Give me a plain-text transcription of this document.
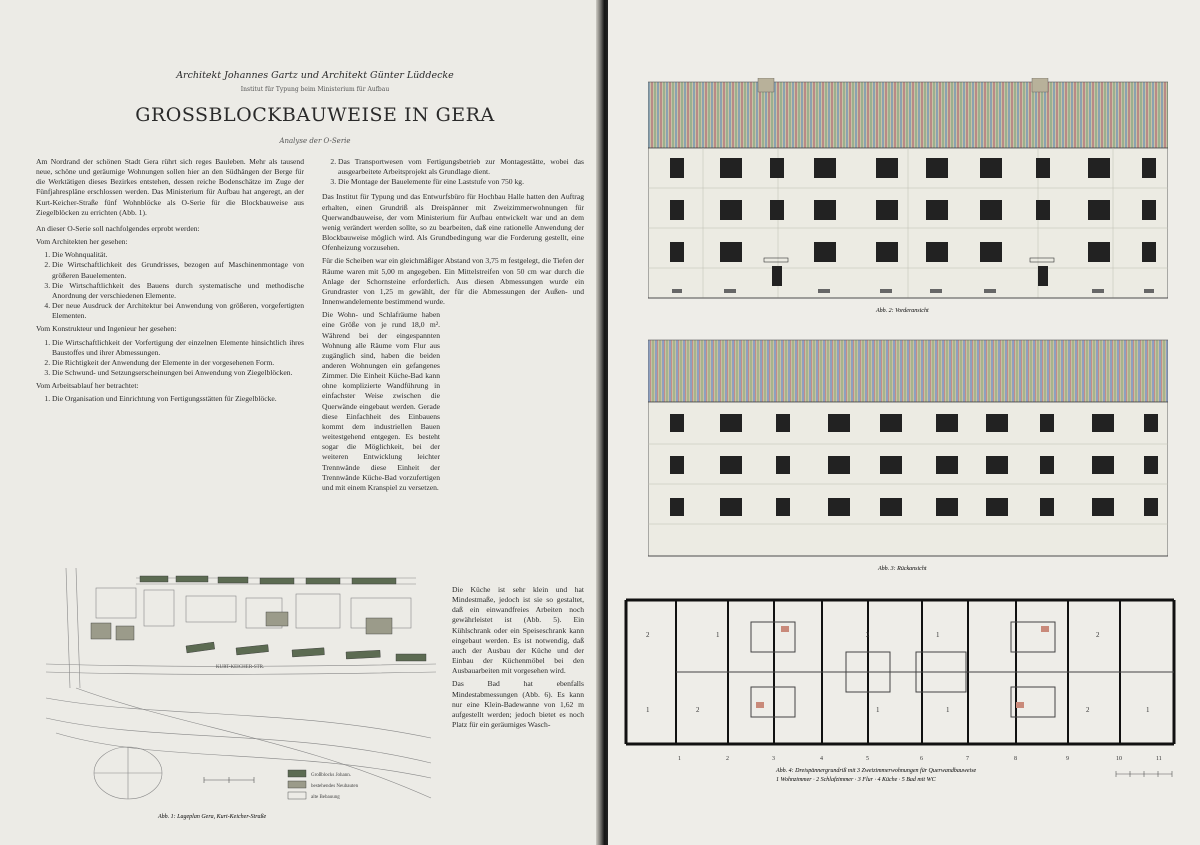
Architekt Johannes Gartz und Architekt Günter Lüddecke
Institut für Typung beim Ministerium für Aufbau
GROSSBLOCKBAUWEISE IN GERA
Analyse der O-Serie

Am Nordrand der schönen Stadt Gera rührt sich reges Bauleben. Mehr als tausend neue, schöne und geräumige Wohnungen sollen hier an den Südhängen der Berge für die Werktätigen dieses Bezirkes entstehen, dessen reiche Bodenschätze im Zuge der Fünfjahrespläne erschlossen werden. Das Ministerium für Aufbau hat angeregt, an der Kurt-Keicher-Straße fünf Wohnblöcke als O-Serie für die Blockbauweise aus Ziegelblöcken zu errichten (Abb. 1).

An dieser O-Serie soll nachfolgendes erprobt werden:

Vom Architekten her gesehen:

1. Die Wohnqualität.
2. Die Wirtschaftlichkeit des Grundrisses, bezogen auf Maschinenmontage von größeren Bauelementen.
3. Die Wirtschaftlichkeit des Bauens durch systematische und methodische Anordnung der verschiedenen Elemente.
4. Der neue Ausdruck der Architektur bei Anwendung von größeren, vorgefertigten Elementen.

Vom Konstrukteur und Ingenieur her gesehen:

1. Die Wirtschaftlichkeit der Vorfertigung der einzelnen Elemente hinsichtlich ihres Baustoffes und ihrer Abmessungen.
2. Die Richtigkeit der Anwendung der Elemente in der vorgesehenen Form.
3. Die Schwund- und Setzungserscheinungen bei Anwendung von Ziegelblöcken.

Vom Arbeitsablauf her betrachtet:

1. Die Organisation und Einrichtung von Fertigungsstätten für Ziegelblöcke.
2. Das Transportwesen vom Fertigungsbetrieb zur Montagestätte, wobei das ausgearbeitete Arbeitsprojekt als Grundlage dient.
3. Die Montage der Bauelemente für eine Laststufe von 750 kg.

Das Institut für Typung und das Entwurfsbüro für Hochbau Halle hatten den Auftrag erhalten, einen Grundriß als Dreispänner mit Zweizimmerwohnungen für Querwandbauweise, der vom Ministerium für Aufbau entwickelt war und an dem wenig verändert werden sollte, so zu bearbeiten, daß eine rationelle Anwendung der Blockbauweise möglich wird. Als Grundbedingung war die Forderung gestellt, eine Ofenheizung vorzusehen.

Für die Scheiben war ein gleichmäßiger Abstand von 3,75 m festgelegt, die Tiefen der Räume waren mit 5,00 m angegeben. Ein Mittelstreifen von 50 cm war durch die Anlage der Schornsteine erforderlich. Aus diesen Abmessungen wurde ein Grundraster von 1,25 m gewählt, der für die Abmessungen der Außen- und Innenwandelemente bestimmend wurde.

Die Wohn- und Schlafräume haben eine Größe von je rund 18,0 m². Während bei der eingespannten Wohnung alle Räume vom Flur aus zugänglich sind, haben die beiden anderen Wohnungen ein gefangenes Zimmer. Die Einheit Küche-Bad kann ohne komplizierte Wandführung in einfachster Weise zwischen die Querwände eingebaut werden. Gerade diese Einfachheit des Einbauens kommt dem industriellen Bauen weitestgehend entgegen. Es besteht sogar die Möglichkeit, bei der weiteren Entwicklung leichter Trennwände diese Einheit der Trennwände Küche-Bad vorzufertigen und mit einem Kranspiel zu versetzen.

Die Küche ist sehr klein und hat Mindestmaße, jedoch ist sie so gestaltet, daß ein einwandfreies Arbeiten noch gewährleistet ist (Abb. 5). Ein Kühlschrank oder ein Speiseschrank kann eingebaut werden. Es ist notwendig, daß auch der Ausbau der Küche und der Einbau der Küchenmöbel bei den Ausbauarbeiten mit vorgesehen wird.

Das Bad hat ebenfalls Mindestabmessungen (Abb. 6). Es kann nur eine Klein-Badewanne von 1,62 m aufgestellt werden; jedoch bietet es noch Platz für ein geräumiges Wasch-

KURT-KEICHER-STR.
Großblocks Johann.
bestehendes Neubauten
alte Bebauung
Abb. 1: Lageplan Gera, Kurt-Keicher-Straße
Abb. 2: Vorderansicht
Abb. 3: Rückansicht
2	1	2	1	2
1	2	1	1	2	1
1	2	3	4	5	6	7	8	9	10	11
Abb. 4: Dreispännergrundriß mit 3 Zweizimmerwohnungen für Querwandbauweise
1 Wohnzimmer · 2 Schlafzimmer · 3 Flur · 4 Küche · 5 Bad mit WC
